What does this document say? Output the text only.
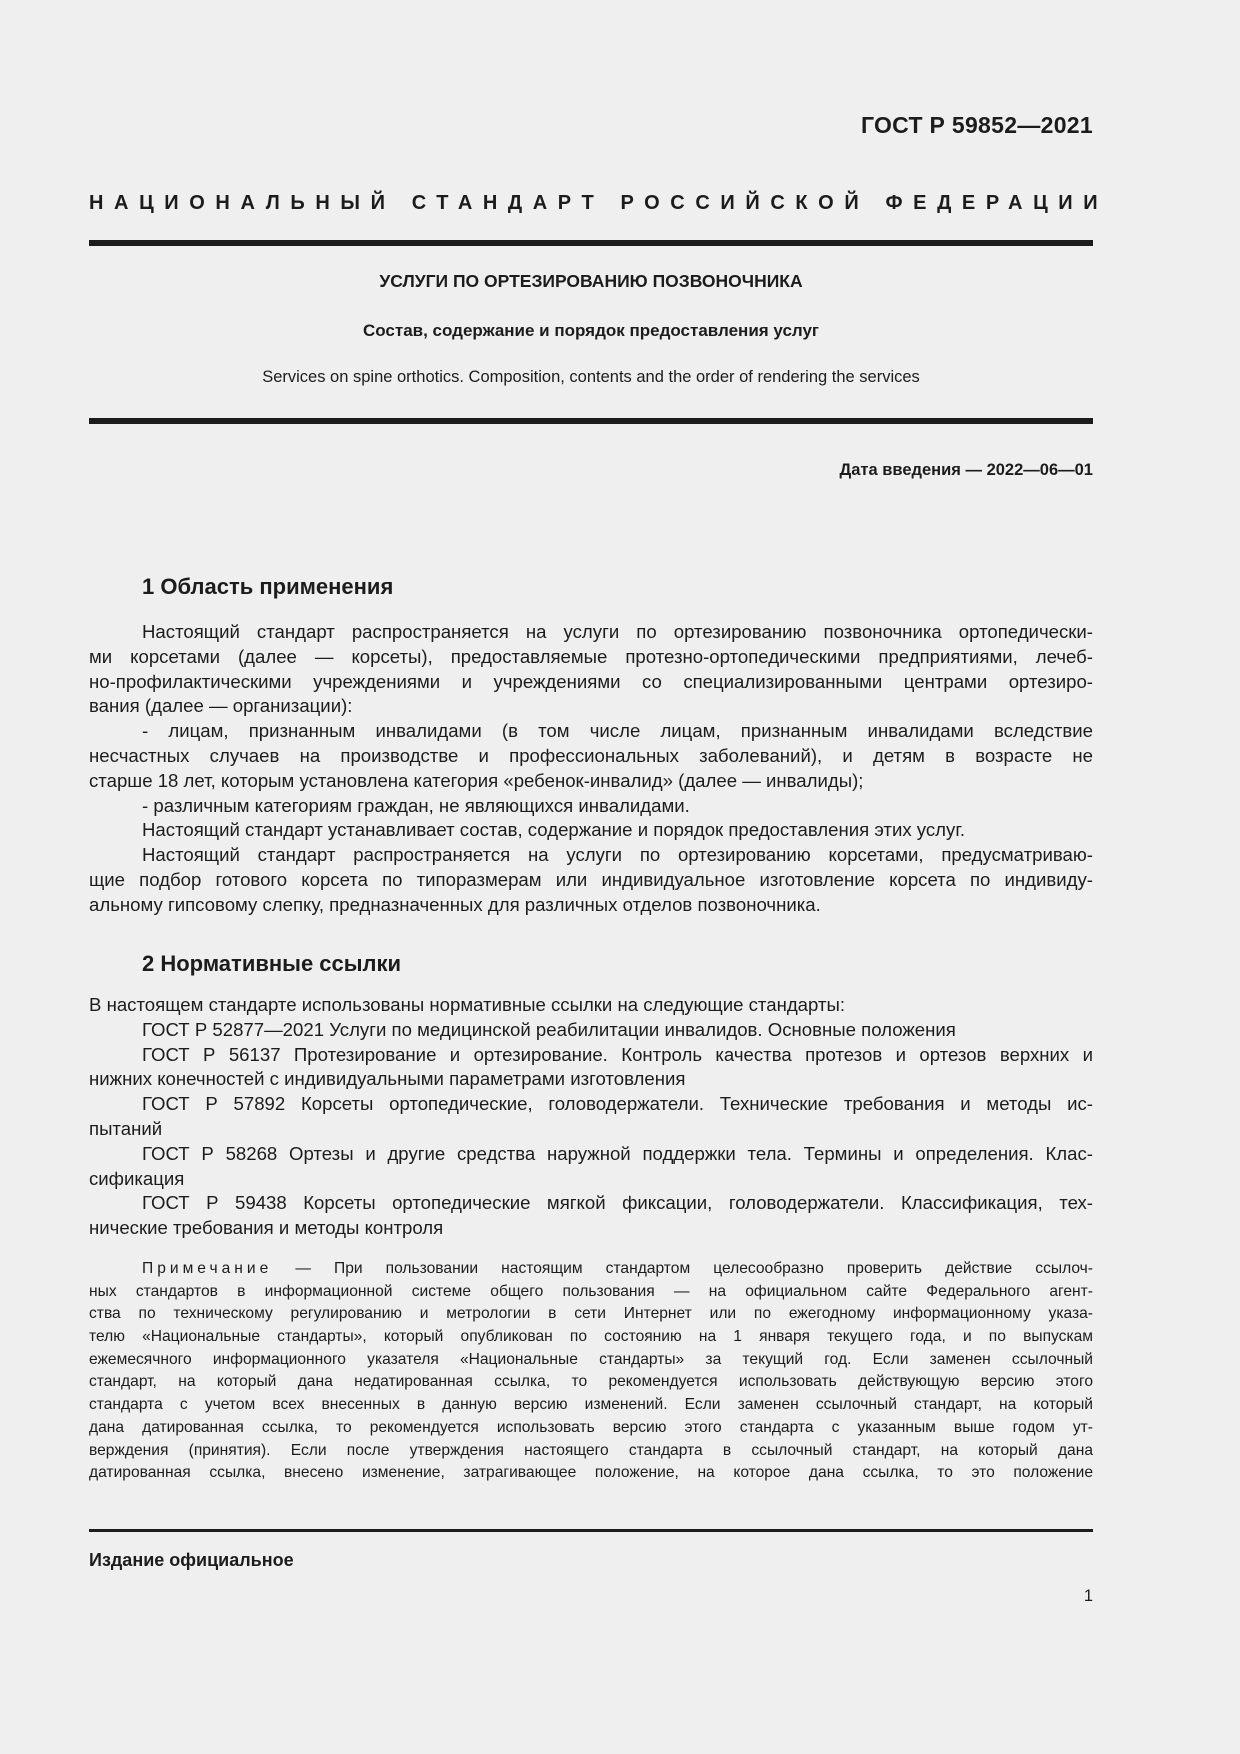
ГОСТ Р 59852—2021
НАЦИОНАЛЬНЫЙ СТАНДАРТ РОССИЙСКОЙ ФЕДЕРАЦИИ
УСЛУГИ ПО ОРТЕЗИРОВАНИЮ ПОЗВОНОЧНИКА
Состав, содержание и порядок предоставления услуг
Services on spine orthotics. Composition, contents and the order of rendering the services
Дата введения — 2022—06—01
1 Область применения

Настоящий стандарт распространяется на услуги по ортезированию позвоночника ортопедически-

ми корсетами (далее — корсеты), предоставляемые протезно-ортопедическими предприятиями, лечеб-

но-профилактическими учреждениями и учреждениями со специализированными центрами ортезиро-

вания (далее — организации):

- лицам, признанным инвалидами (в том числе лицам, признанным инвалидами вследствие

несчастных случаев на производстве и профессиональных заболеваний), и детям в возрасте не

старше 18 лет, которым установлена категория «ребенок-инвалид» (далее — инвалиды);

- различным категориям граждан, не являющихся инвалидами.

Настоящий стандарт устанавливает состав, содержание и порядок предоставления этих услуг.

Настоящий стандарт распространяется на услуги по ортезированию корсетами, предусматриваю-

щие подбор готового корсета по типоразмерам или индивидуальное изготовление корсета по индивиду-

альному гипсовому слепку, предназначенных для различных отделов позвоночника.

2 Нормативные ссылки

В настоящем стандарте использованы нормативные ссылки на следующие стандарты:

ГОСТ Р 52877—2021 Услуги по медицинской реабилитации инвалидов. Основные положения

ГОСТ Р 56137 Протезирование и ортезирование. Контроль качества протезов и ортезов верхних и

нижних конечностей с индивидуальными параметрами изготовления

ГОСТ Р 57892 Корсеты ортопедические, головодержатели. Технические требования и методы ис-

пытаний

ГОСТ Р 58268 Ортезы и другие средства наружной поддержки тела. Термины и определения. Клас-

сификация

ГОСТ Р 59438 Корсеты ортопедические мягкой фиксации, головодержатели. Классификация, тех-

нические требования и методы контроля

Примечание — При пользовании настоящим стандартом целесообразно проверить действие ссылоч-

ных стандартов в информационной системе общего пользования — на официальном сайте Федерального агент-

ства по техническому регулированию и метрологии в сети Интернет или по ежегодному информационному указа-

телю «Национальные стандарты», который опубликован по состоянию на 1 января текущего года, и по выпускам

ежемесячного информационного указателя «Национальные стандарты» за текущий год. Если заменен ссылочный

стандарт, на который дана недатированная ссылка, то рекомендуется использовать действующую версию этого

стандарта с учетом всех внесенных в данную версию изменений. Если заменен ссылочный стандарт, на который

дана датированная ссылка, то рекомендуется использовать версию этого стандарта с указанным выше годом ут-

верждения (принятия). Если после утверждения настоящего стандарта в ссылочный стандарт, на который дана

датированная ссылка, внесено изменение, затрагивающее положение, на которое дана ссылка, то это положение

Издание официальное
1
